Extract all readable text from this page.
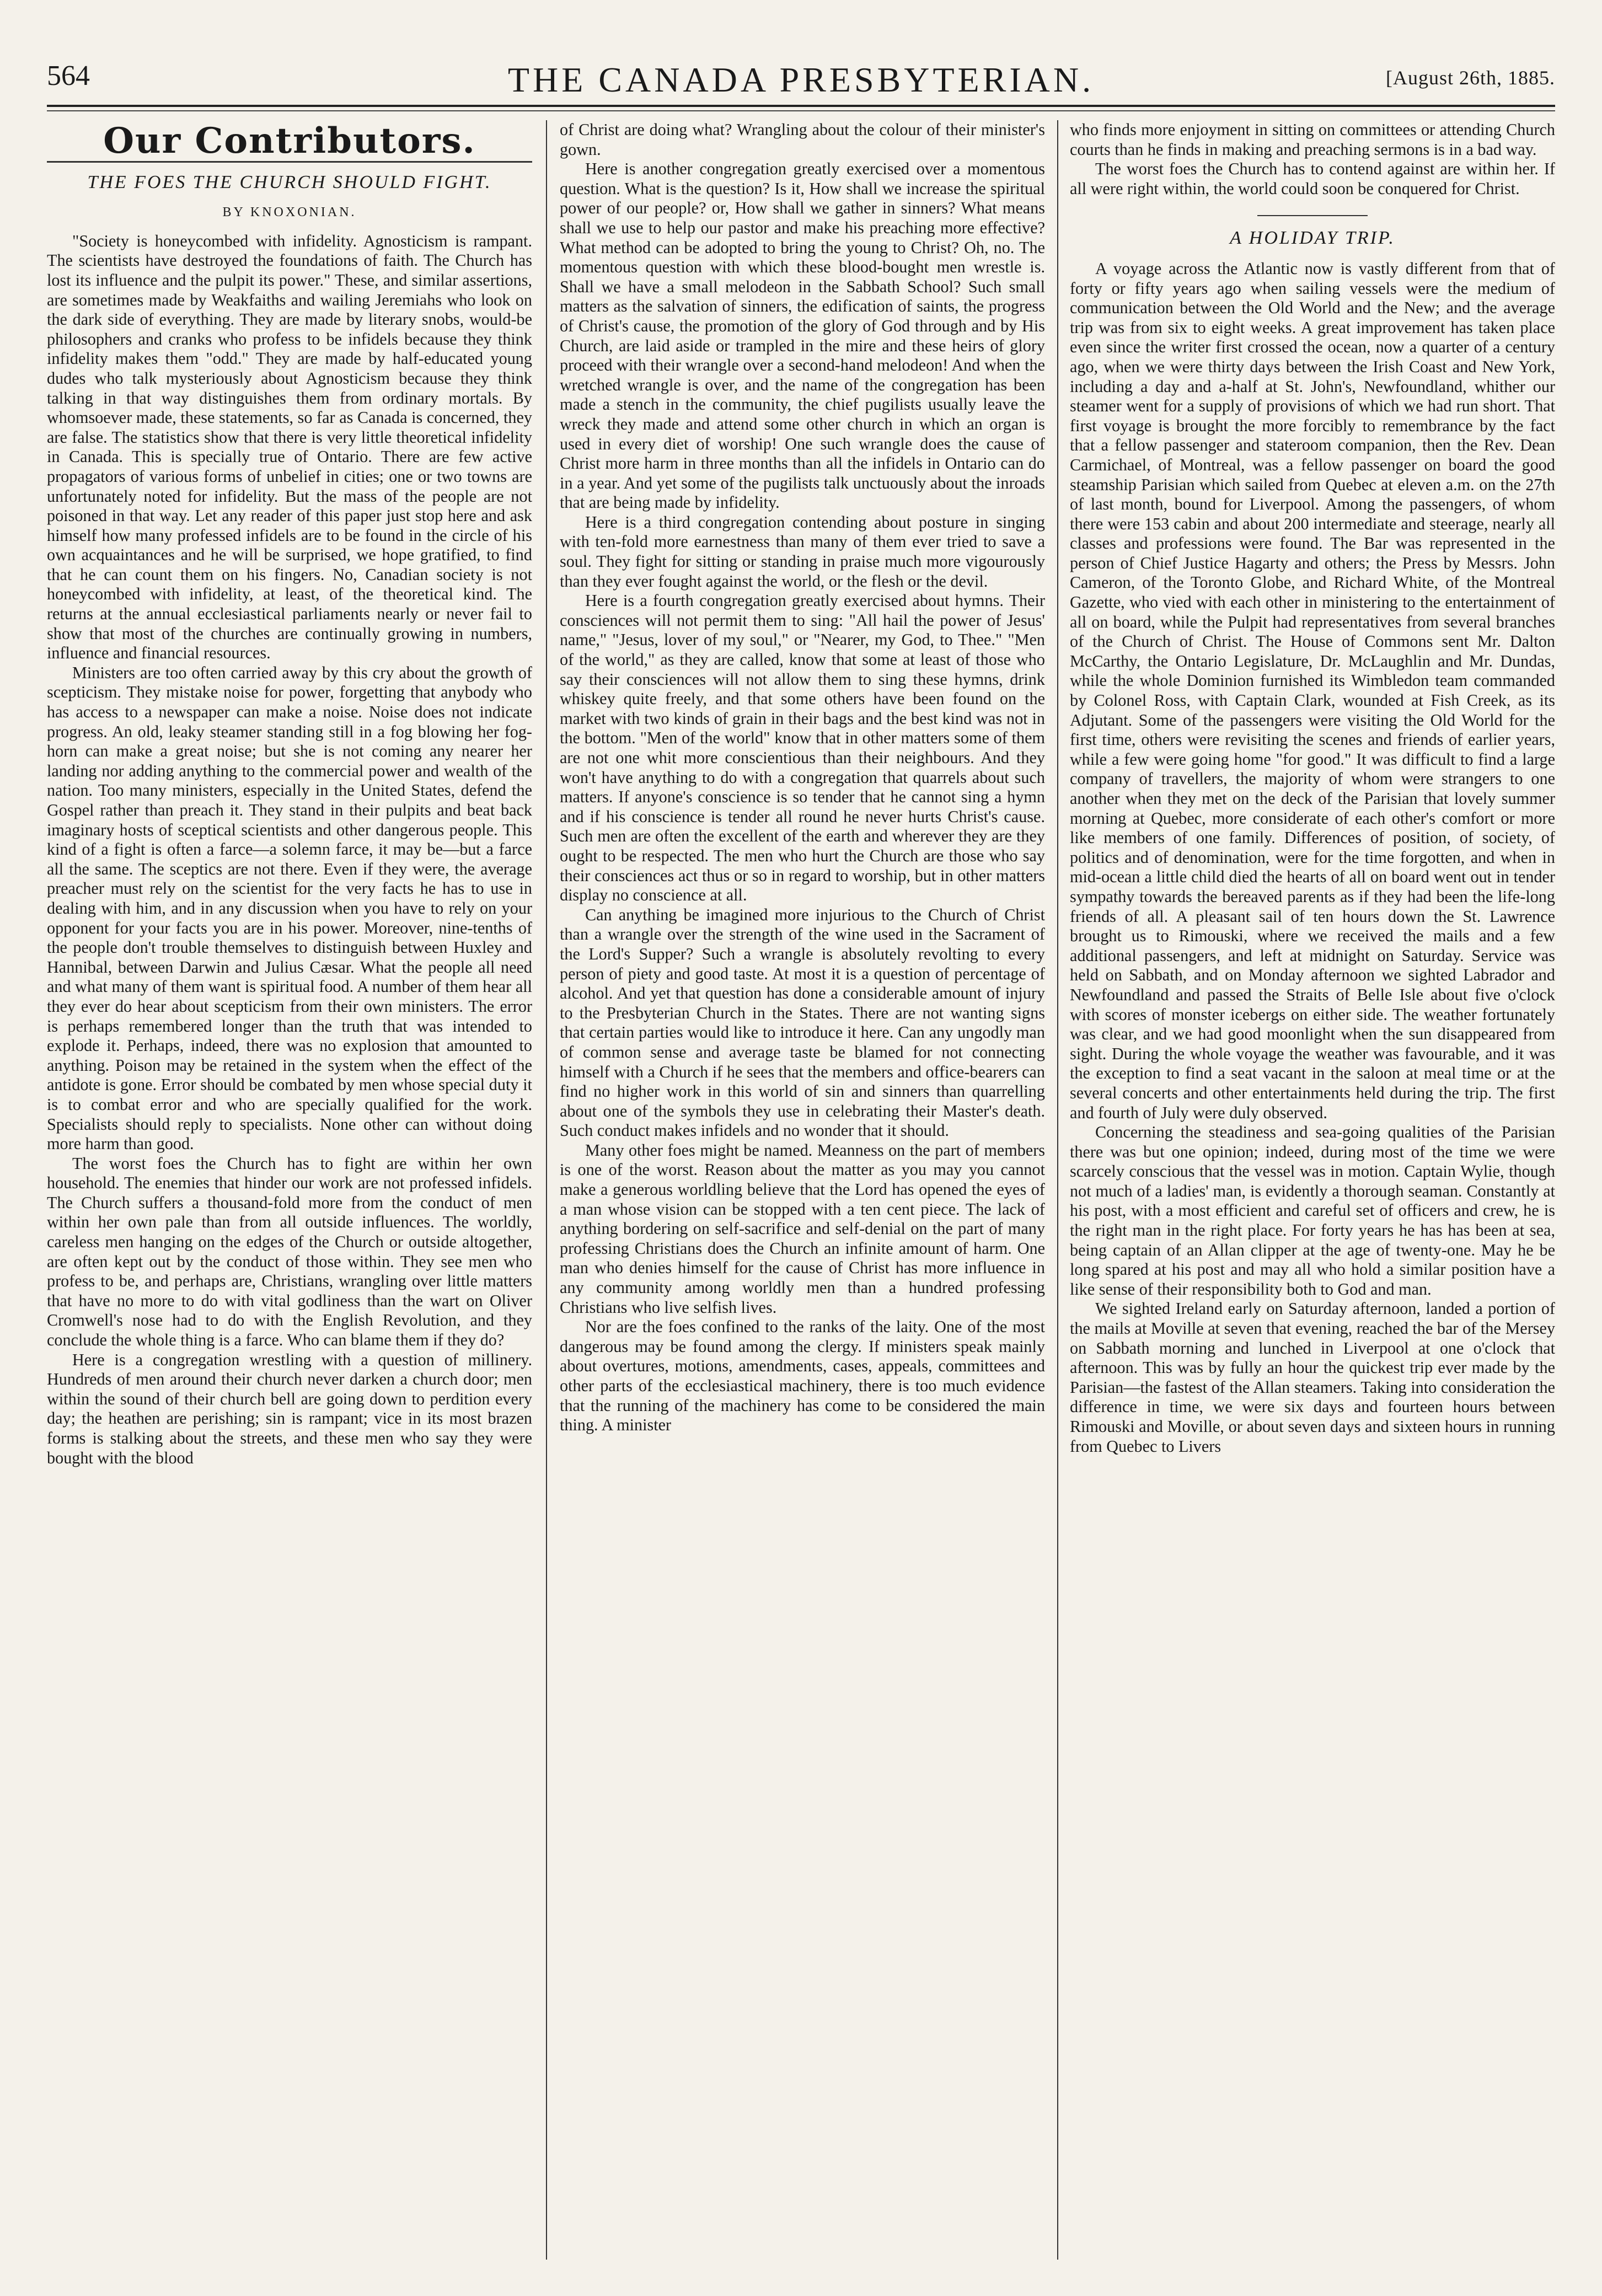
564	THE CANADA PRESBYTERIAN.	[August 26th, 1885.
Our Contributors.
THE FOES THE CHURCH SHOULD FIGHT.
BY KNOXONIAN.

"Society is honeycombed with infidelity. Agnosticism is rampant. The scientists have destroyed the foundations of faith. The Church has lost its influence and the pulpit its power." These, and similar assertions, are sometimes made by Weakfaiths and wailing Jeremiahs who look on the dark side of everything. They are made by literary snobs, would-be philosophers and cranks who profess to be infidels because they think infidelity makes them "odd." They are made by half-educated young dudes who talk mysteriously about Agnosticism because they think talking in that way distinguishes them from ordinary mortals. By whomsoever made, these statements, so far as Canada is concerned, they are false. The statistics show that there is very little theoretical infidelity in Canada. This is specially true of Ontario. There are few active propagators of various forms of unbelief in cities; one or two towns are unfortunately noted for infidelity. But the mass of the people are not poisoned in that way. Let any reader of this paper just stop here and ask himself how many professed infidels are to be found in the circle of his own acquaintances and he will be surprised, we hope gratified, to find that he can count them on his fingers. No, Canadian society is not honeycombed with infidelity, at least, of the theoretical kind. The returns at the annual ecclesiastical parliaments nearly or never fail to show that most of the churches are continually growing in numbers, influence and financial resources.

Ministers are too often carried away by this cry about the growth of scepticism. They mistake noise for power, forgetting that anybody who has access to a newspaper can make a noise. Noise does not indicate progress. An old, leaky steamer standing still in a fog blowing her fog-horn can make a great noise; but she is not coming any nearer her landing nor adding anything to the commercial power and wealth of the nation. Too many ministers, especially in the United States, defend the Gospel rather than preach it. They stand in their pulpits and beat back imaginary hosts of sceptical scientists and other dangerous people. This kind of a fight is often a farce—a solemn farce, it may be—but a farce all the same. The sceptics are not there. Even if they were, the average preacher must rely on the scientist for the very facts he has to use in dealing with him, and in any discussion when you have to rely on your opponent for your facts you are in his power. Moreover, nine-tenths of the people don't trouble themselves to distinguish between Huxley and Hannibal, between Darwin and Julius Cæsar. What the people all need and what many of them want is spiritual food. A number of them hear all they ever do hear about scepticism from their own ministers. The error is perhaps remembered longer than the truth that was intended to explode it. Perhaps, indeed, there was no explosion that amounted to anything. Poison may be retained in the system when the effect of the antidote is gone. Error should be combated by men whose special duty it is to combat error and who are specially qualified for the work. Specialists should reply to specialists. None other can without doing more harm than good.

The worst foes the Church has to fight are within her own household. The enemies that hinder our work are not professed infidels. The Church suffers a thousand-fold more from the conduct of men within her own pale than from all outside influences. The worldly, careless men hanging on the edges of the Church or outside altogether, are often kept out by the conduct of those within. They see men who profess to be, and perhaps are, Christians, wrangling over little matters that have no more to do with vital godliness than the wart on Oliver Cromwell's nose had to do with the English Revolution, and they conclude the whole thing is a farce. Who can blame them if they do?

Here is a congregation wrestling with a question of millinery. Hundreds of men around their church never darken a church door; men within the sound of their church bell are going down to perdition every day; the heathen are perishing; sin is rampant; vice in its most brazen forms is stalking about the streets, and these men who say they were bought with the blood

of Christ are doing what? Wrangling about the colour of their minister's gown.

Here is another congregation greatly exercised over a momentous question. What is the question? Is it, How shall we increase the spiritual power of our people? or, How shall we gather in sinners? What means shall we use to help our pastor and make his preaching more effective? What method can be adopted to bring the young to Christ? Oh, no. The momentous question with which these blood-bought men wrestle is. Shall we have a small melodeon in the Sabbath School? Such small matters as the salvation of sinners, the edification of saints, the progress of Christ's cause, the promotion of the glory of God through and by His Church, are laid aside or trampled in the mire and these heirs of glory proceed with their wrangle over a second-hand melodeon! And when the wretched wrangle is over, and the name of the congregation has been made a stench in the community, the chief pugilists usually leave the wreck they made and attend some other church in which an organ is used in every diet of worship! One such wrangle does the cause of Christ more harm in three months than all the infidels in Ontario can do in a year. And yet some of the pugilists talk unctuously about the inroads that are being made by infidelity.

Here is a third congregation contending about posture in singing with ten-fold more earnestness than many of them ever tried to save a soul. They fight for sitting or standing in praise much more vigourously than they ever fought against the world, or the flesh or the devil.

Here is a fourth congregation greatly exercised about hymns. Their consciences will not permit them to sing: "All hail the power of Jesus' name," "Jesus, lover of my soul," or "Nearer, my God, to Thee." "Men of the world," as they are called, know that some at least of those who say their consciences will not allow them to sing these hymns, drink whiskey quite freely, and that some others have been found on the market with two kinds of grain in their bags and the best kind was not in the bottom. "Men of the world" know that in other matters some of them are not one whit more conscientious than their neighbours. And they won't have anything to do with a congregation that quarrels about such matters. If anyone's conscience is so tender that he cannot sing a hymn and if his conscience is tender all round he never hurts Christ's cause. Such men are often the excellent of the earth and wherever they are they ought to be respected. The men who hurt the Church are those who say their consciences act thus or so in regard to worship, but in other matters display no conscience at all.

Can anything be imagined more injurious to the Church of Christ than a wrangle over the strength of the wine used in the Sacrament of the Lord's Supper? Such a wrangle is absolutely revolting to every person of piety and good taste. At most it is a question of percentage of alcohol. And yet that question has done a considerable amount of injury to the Presbyterian Church in the States. There are not wanting signs that certain parties would like to introduce it here. Can any ungodly man of common sense and average taste be blamed for not connecting himself with a Church if he sees that the members and office-bearers can find no higher work in this world of sin and sinners than quarrelling about one of the symbols they use in celebrating their Master's death. Such conduct makes infidels and no wonder that it should.

Many other foes might be named. Meanness on the part of members is one of the worst. Reason about the matter as you may you cannot make a generous worldling believe that the Lord has opened the eyes of a man whose vision can be stopped with a ten cent piece. The lack of anything bordering on self-sacrifice and self-denial on the part of many professing Christians does the Church an infinite amount of harm. One man who denies himself for the cause of Christ has more influence in any community among worldly men than a hundred professing Christians who live selfish lives.

Nor are the foes confined to the ranks of the laity. One of the most dangerous may be found among the clergy. If ministers speak mainly about overtures, motions, amendments, cases, appeals, committees and other parts of the ecclesiastical machinery, there is too much evidence that the running of the machinery has come to be considered the main thing. A minister

who finds more enjoyment in sitting on committees or attending Church courts than he finds in making and preaching sermons is in a bad way.

The worst foes the Church has to contend against are within her. If all were right within, the world could soon be conquered for Christ.

A HOLIDAY TRIP.

A voyage across the Atlantic now is vastly different from that of forty or fifty years ago when sailing vessels were the medium of communication between the Old World and the New; and the average trip was from six to eight weeks. A great improvement has taken place even since the writer first crossed the ocean, now a quarter of a century ago, when we were thirty days between the Irish Coast and New York, including a day and a-half at St. John's, Newfoundland, whither our steamer went for a supply of provisions of which we had run short. That first voyage is brought the more forcibly to remembrance by the fact that a fellow passenger and stateroom companion, then the Rev. Dean Carmichael, of Montreal, was a fellow passenger on board the good steamship Parisian which sailed from Quebec at eleven a.m. on the 27th of last month, bound for Liverpool. Among the passengers, of whom there were 153 cabin and about 200 intermediate and steerage, nearly all classes and professions were found. The Bar was represented in the person of Chief Justice Hagarty and others; the Press by Messrs. John Cameron, of the Toronto Globe, and Richard White, of the Montreal Gazette, who vied with each other in ministering to the entertainment of all on board, while the Pulpit had representatives from several branches of the Church of Christ. The House of Commons sent Mr. Dalton McCarthy, the Ontario Legislature, Dr. McLaughlin and Mr. Dundas, while the whole Dominion furnished its Wimbledon team commanded by Colonel Ross, with Captain Clark, wounded at Fish Creek, as its Adjutant. Some of the passengers were visiting the Old World for the first time, others were revisiting the scenes and friends of earlier years, while a few were going home "for good." It was difficult to find a large company of travellers, the majority of whom were strangers to one another when they met on the deck of the Parisian that lovely summer morning at Quebec, more considerate of each other's comfort or more like members of one family. Differences of position, of society, of politics and of denomination, were for the time forgotten, and when in mid-ocean a little child died the hearts of all on board went out in tender sympathy towards the bereaved parents as if they had been the life-long friends of all. A pleasant sail of ten hours down the St. Lawrence brought us to Rimouski, where we received the mails and a few additional passengers, and left at midnight on Saturday. Service was held on Sabbath, and on Monday afternoon we sighted Labrador and Newfoundland and passed the Straits of Belle Isle about five o'clock with scores of monster icebergs on either side. The weather fortunately was clear, and we had good moonlight when the sun disappeared from sight. During the whole voyage the weather was favourable, and it was the exception to find a seat vacant in the saloon at meal time or at the several concerts and other entertainments held during the trip. The first and fourth of July were duly observed.

Concerning the steadiness and sea-going qualities of the Parisian there was but one opinion; indeed, during most of the time we were scarcely conscious that the vessel was in motion. Captain Wylie, though not much of a ladies' man, is evidently a thorough seaman. Constantly at his post, with a most efficient and careful set of officers and crew, he is the right man in the right place. For forty years he has has been at sea, being captain of an Allan clipper at the age of twenty-one. May he be long spared at his post and may all who hold a similar position have a like sense of their responsibility both to God and man.

We sighted Ireland early on Saturday afternoon, landed a portion of the mails at Moville at seven that evening, reached the bar of the Mersey on Sabbath morning and lunched in Liverpool at one o'clock that afternoon. This was by fully an hour the quickest trip ever made by the Parisian—the fastest of the Allan steamers. Taking into consideration the difference in time, we were six days and fourteen hours between Rimouski and Moville, or about seven days and sixteen hours in running from Quebec to Livers
